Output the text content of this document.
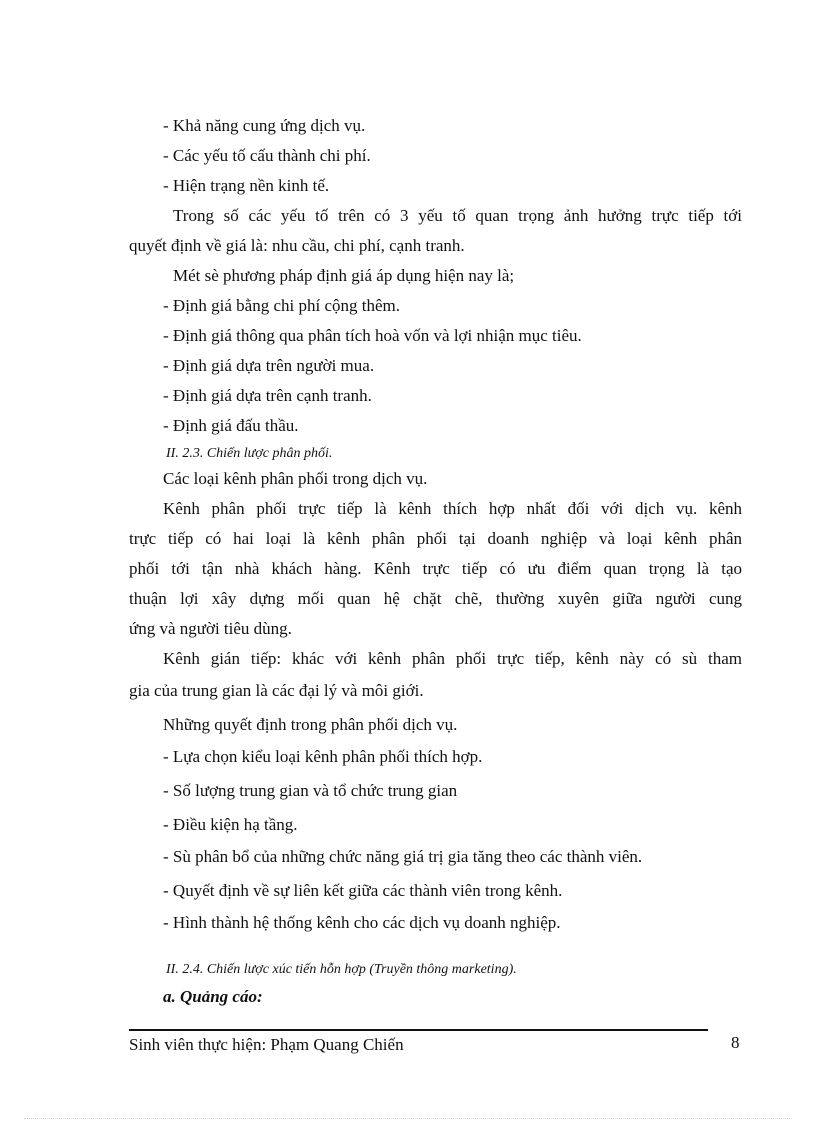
- Khả năng cung ứng dịch vụ.
- Các yếu tố cấu thành chi phí.
- Hiện trạng nền kinh tế.
Trong số các yếu tố trên có 3 yếu tố quan trọng ảnh hưởng trực tiếp tới
quyết định về giá là: nhu cầu, chi phí, cạnh tranh.
Mét sè phương pháp định giá áp dụng hiện nay là;
- Định giá bằng chi phí cộng thêm.
- Định giá thông qua phân tích hoà vốn và lợi nhiận mục tiêu.
- Định giá dựa trên người mua.
- Định giá dựa trên cạnh tranh.
- Định giá đấu thầu.
II. 2.3. Chiến lược phân phối.
Các loại kênh phân phối trong dịch vụ.
Kênh phân phối trực tiếp là kênh thích hợp nhất đối với dịch vụ. kênh
trực tiếp có hai loại là kênh phân phối tại doanh nghiệp và loại kênh phân
phối tới tận nhà khách hàng. Kênh trực tiếp có ưu điểm quan trọng là tạo
thuận lợi xây dựng mối quan hệ chặt chẽ, thường xuyên giữa người cung
ứng và người tiêu dùng.
Kênh gián tiếp: khác với kênh phân phối trực tiếp, kênh này có sù tham
gia của trung gian là các đại lý và môi giới.
Những quyết định trong phân phối dịch vụ.
- Lựa chọn kiểu loại kênh phân phối thích hợp.
- Số lượng trung gian và tổ chức trung gian
- Điều kiện hạ tầng.
- Sù phân bổ của những chức năng giá trị gia tăng theo các thành viên.
- Quyết định về sự liên kết giữa các thành viên trong kênh.
- Hình thành hệ thống kênh cho các dịch vụ doanh nghiệp.
II. 2.4. Chiến lược xúc tiến hỗn hợp (Truyền thông marketing).
a. Quảng cáo:
Sinh viên thực hiện: Phạm Quang Chiến	8
